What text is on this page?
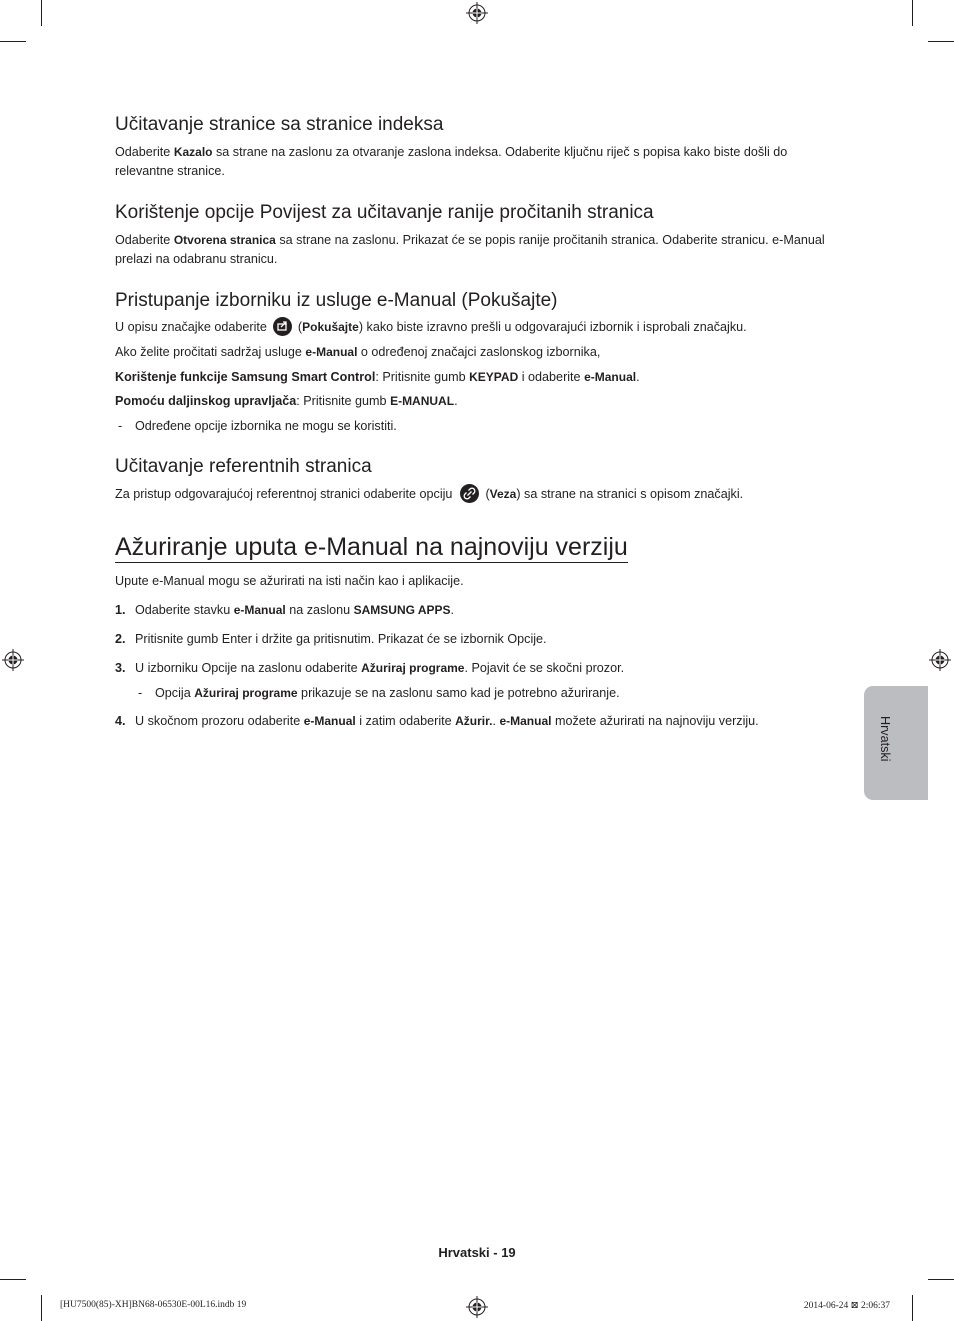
Učitavanje stranice sa stranice indeksa
Odaberite Kazalo sa strane na zaslonu za otvaranje zaslona indeksa. Odaberite ključnu riječ s popisa kako biste došli do relevantne stranice.
Korištenje opcije Povijest za učitavanje ranije pročitanih stranica
Odaberite Otvorena stranica sa strane na zaslonu. Prikazat će se popis ranije pročitanih stranica. Odaberite stranicu. e-Manual prelazi na odabranu stranicu.
Pristupanje izborniku iz usluge e-Manual (Pokušajte)
U opisu značajke odaberite (Pokušajte) kako biste izravno prešli u odgovarajući izbornik i isprobali značajku.
Ako želite pročitati sadržaj usluge e-Manual o određenoj značajci zaslonskog izbornika,
Korištenje funkcije Samsung Smart Control: Pritisnite gumb KEYPAD i odaberite e-Manual.
Pomoću daljinskog upravljača: Pritisnite gumb E-MANUAL.
- Određene opcije izbornika ne mogu se koristiti.
Učitavanje referentnih stranica
Za pristup odgovarajućoj referentnoj stranici odaberite opciju	(Veza) sa strane na stranici s opisom značajki.
Ažuriranje uputa e-Manual na najnoviju verziju
Upute e-Manual mogu se ažurirati na isti način kao i aplikacije.
1. Odaberite stavku e-Manual na zaslonu SAMSUNG APPS.
2. Pritisnite gumb Enter i držite ga pritisnutim. Prikazat će se izbornik Opcije.
3. U izborniku Opcije na zaslonu odaberite Ažuriraj programe. Pojavit će se skočni prozor.
- Opcija Ažuriraj programe prikazuje se na zaslonu samo kad je potrebno ažuriranje.
4. U skočnom prozoru odaberite e-Manual i zatim odaberite Ažurir.. e-Manual možete ažurirati na najnoviju verziju.	Hrvatski
Hrvatski - 19
[HU7500(85)-XH]BN68-06530E-00L16.indb 19	2014-06-24 ⊠ 2:06:37
